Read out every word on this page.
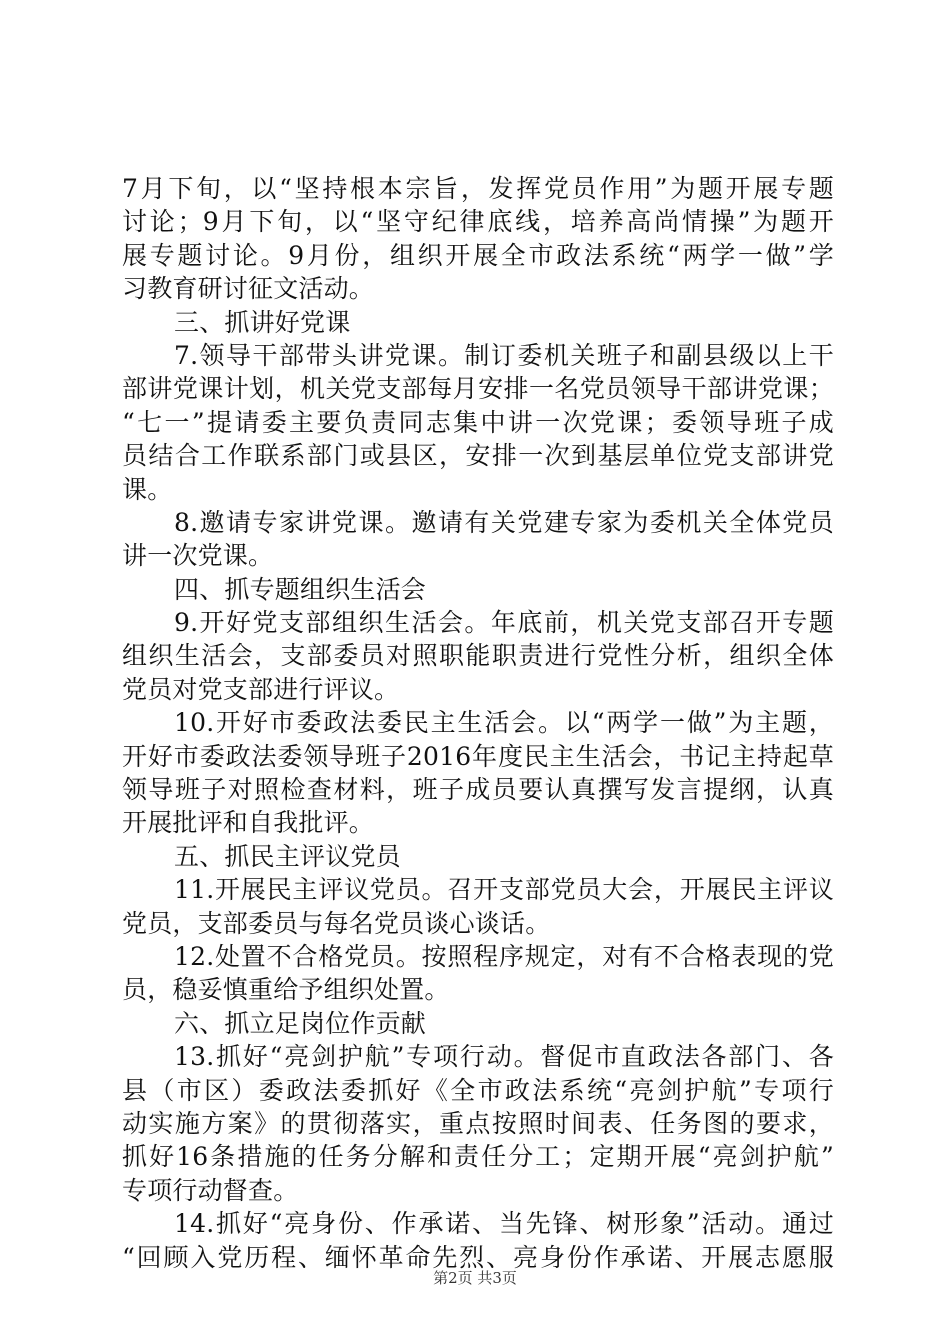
7月下旬，以“坚持根本宗旨，发挥党员作用”为题开展专题
讨论；9月下旬，以“坚守纪律底线，培养高尚情操”为题开
展专题讨论。9月份，组织开展全市政法系统“两学一做”学
习教育研讨征文活动。
三、抓讲好党课
7.领导干部带头讲党课。制订委机关班子和副县级以上干
部讲党课计划，机关党支部每月安排一名党员领导干部讲党课；
“七一”提请委主要负责同志集中讲一次党课；委领导班子成
员结合工作联系部门或县区，安排一次到基层单位党支部讲党
课。
8.邀请专家讲党课。邀请有关党建专家为委机关全体党员
讲一次党课。
四、抓专题组织生活会
9.开好党支部组织生活会。年底前，机关党支部召开专题
组织生活会，支部委员对照职能职责进行党性分析，组织全体
党员对党支部进行评议。
10.开好市委政法委民主生活会。以“两学一做”为主题，
开好市委政法委领导班子2016年度民主生活会，书记主持起草
领导班子对照检查材料，班子成员要认真撰写发言提纲，认真
开展批评和自我批评。
五、抓民主评议党员
11.开展民主评议党员。召开支部党员大会，开展民主评议
党员，支部委员与每名党员谈心谈话。
12.处置不合格党员。按照程序规定，对有不合格表现的党
员，稳妥慎重给予组织处置。
六、抓立足岗位作贡献
13.抓好“亮剑护航”专项行动。督促市直政法各部门、各
县（市区）委政法委抓好《全市政法系统“亮剑护航”专项行
动实施方案》的贯彻落实，重点按照时间表、任务图的要求，
抓好16条措施的任务分解和责任分工；定期开展“亮剑护航”
专项行动督查。
14.抓好“亮身份、作承诺、当先锋、树形象”活动。通过
“回顾入党历程、缅怀革命先烈、亮身份作承诺、开展志愿服
第2页 共3页
